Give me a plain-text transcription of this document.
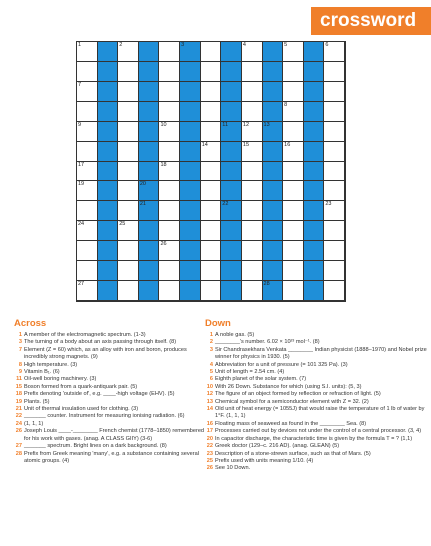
crossword
1	2	3	4	5	6
7
8
9	10	11	12	13
14	15	16
17	18
19	20
21	22	23
24	25
26
27	28
Across
1 A member of the electromagnetic spectrum. (1-3)
3 The turning of a body about an axis passing through itself. (8)
7 Element (Z = 60) which, as an alloy with iron and boron, produces incredibly strong magnets. (9)
8 High temperature. (3)
9 Vitamin B₁. (6)
11 Oil-well boring machinery. (3)
15 Boson formed from a quark-antiquark pair. (5)
18 Prefix denoting 'outside of', e.g. ____-high voltage (EHV). (5)
19 Plants. (5)
21 Unit of thermal insulation used for clothing. (3)
22 _______ counter. Instrument for measuring ionising radiation. (6)
24 (1, 1, 1)
26 Joseph Louis ____-________ French chemist (1778–1850) remembered for his work with gases. (anag. A CLASS GIIY) (3-6)
27 _______ spectrum. Bright lines on a dark background. (8)
28 Prefix from Greek meaning 'many', e.g. a substance containing several atomic groups. (4)
Down
1 A noble gas. (5)
2 ________'s number. 6.02 × 10²³ mol⁻¹. (8)
3 Sir Chandrasekhara Venkata ________ Indian physicist (1888–1970) and Nobel prize winner for physics in 1930. (5)
4 Abbreviation for a unit of pressure (= 101 325 Pa). (3)
5 Unit of length = 2.54 cm. (4)
6 Eighth planet of the solar system. (7)
10 With 26 Down. Substance for which (using S.I. units): (5, 3)
12 The figure of an object formed by reflection or refraction of light. (5)
13 Chemical symbol for a semiconductor element with Z = 32. (2)
14 Old unit of heat energy (= 1055J) that would raise the temperature of 1 lb of water by 1°F. (1, 1, 1)
16 Floating mass of seaweed as found in the ________ Sea. (8)
17 Processes carried out by devices not under the control of a central processor. (3, 4)
20 In capacitor discharge, the characteristic time is given by the formula T = ? (1,1)
22 Greek doctor (129–c. 216 AD). (anag. GLEAN) (5)
23 Description of a stone-strewn surface, such as that of Mars. (5)
25 Prefix used with units meaning 1/10. (4)
26 See 10 Down.
